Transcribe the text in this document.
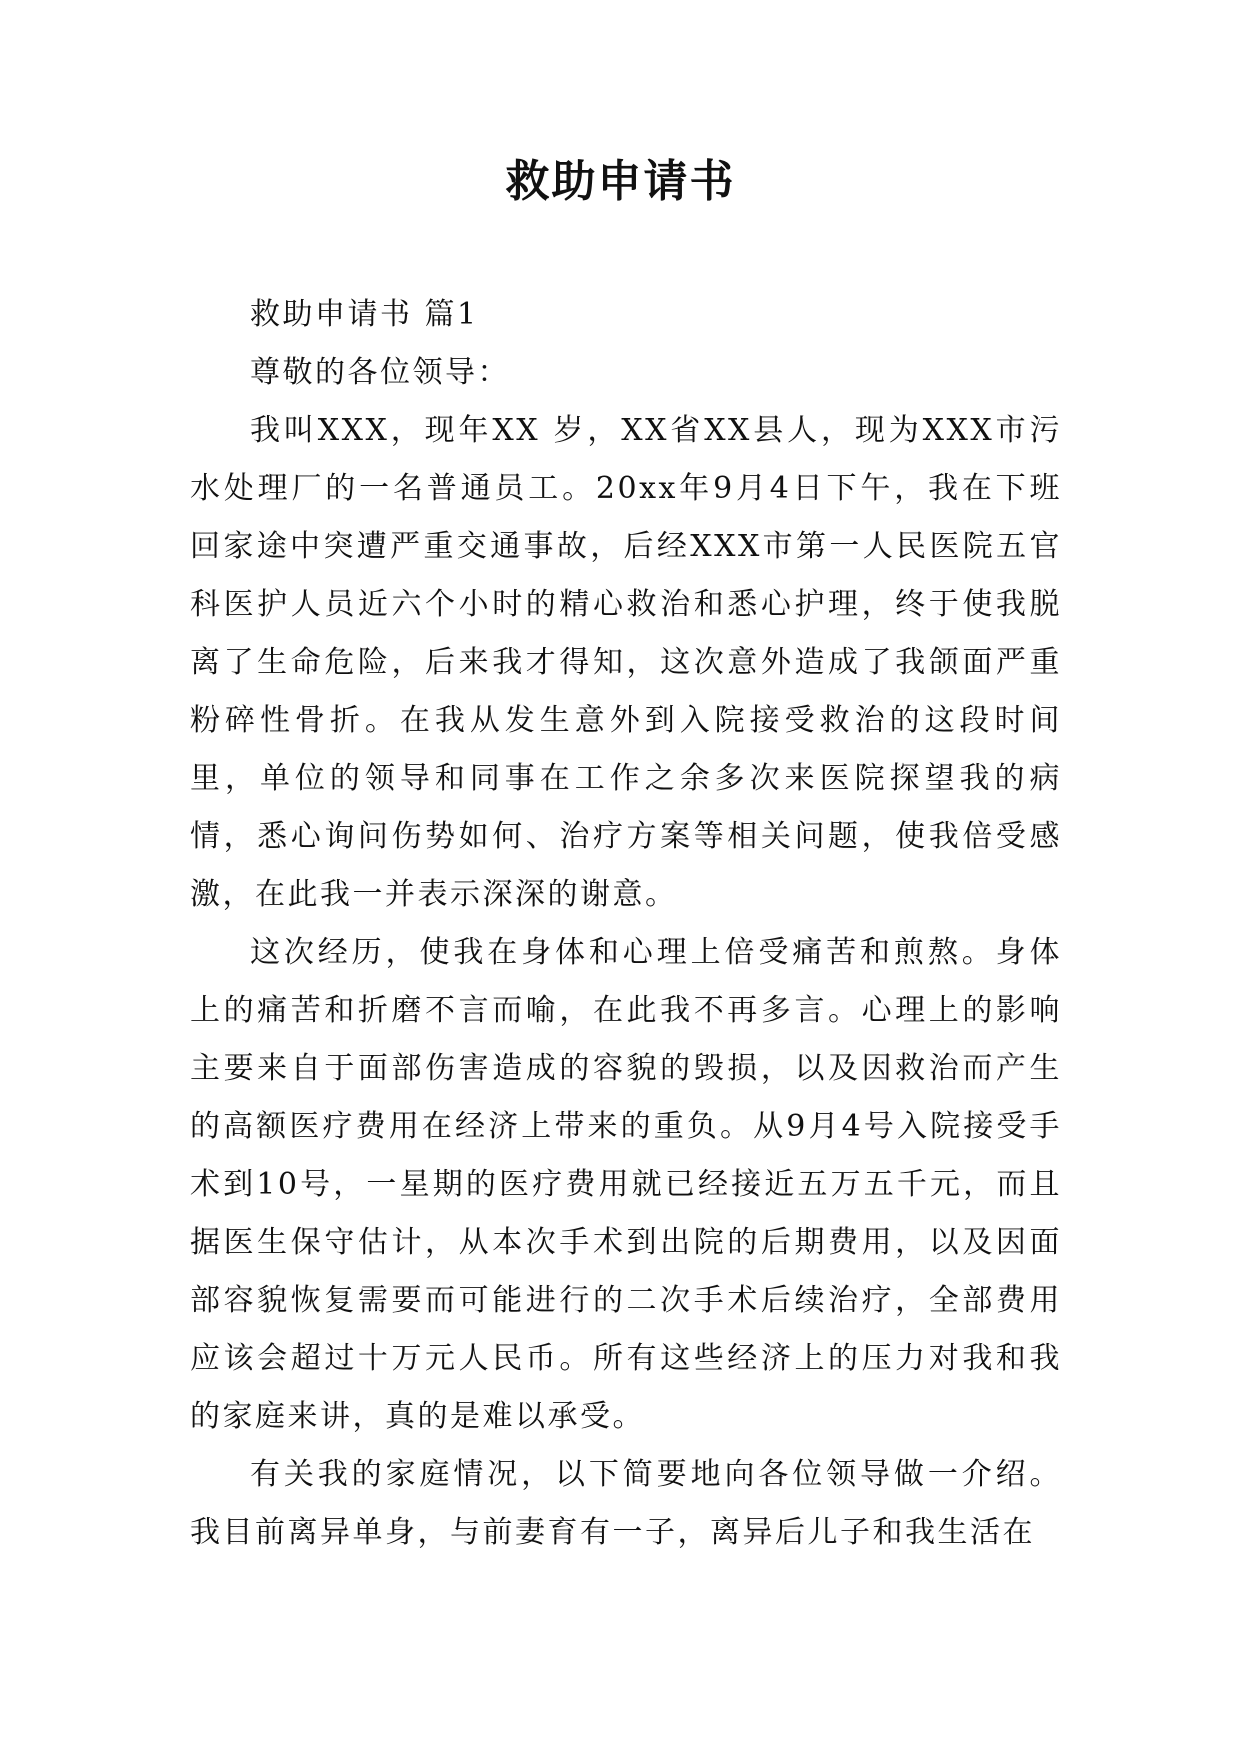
救助申请书

救助申请书 篇1

尊敬的各位领导：

我叫XXX，现年XX 岁，XX省XX县人，现为XXX市污水处理厂的一名普通员工。20xx年9月4日下午，我在下班回家途中突遭严重交通事故，后经XXX市第一人民医院五官科医护人员近六个小时的精心救治和悉心护理，终于使我脱离了生命危险，后来我才得知，这次意外造成了我颌面严重粉碎性骨折。在我从发生意外到入院接受救治的这段时间里，单位的领导和同事在工作之余多次来医院探望我的病情，悉心询问伤势如何、治疗方案等相关问题，使我倍受感激，在此我一并表示深深的谢意。

这次经历，使我在身体和心理上倍受痛苦和煎熬。身体上的痛苦和折磨不言而喻，在此我不再多言。心理上的影响主要来自于面部伤害造成的容貌的毁损，以及因救治而产生的高额医疗费用在经济上带来的重负。从9月4号入院接受手术到10号，一星期的医疗费用就已经接近五万五千元，而且据医生保守估计，从本次手术到出院的后期费用，以及因面部容貌恢复需要而可能进行的二次手术后续治疗，全部费用应该会超过十万元人民币。所有这些经济上的压力对我和我的家庭来讲，真的是难以承受。

有关我的家庭情况，以下简要地向各位领导做一介绍。我目前离异单身，与前妻育有一子，离异后儿子和我生活在
